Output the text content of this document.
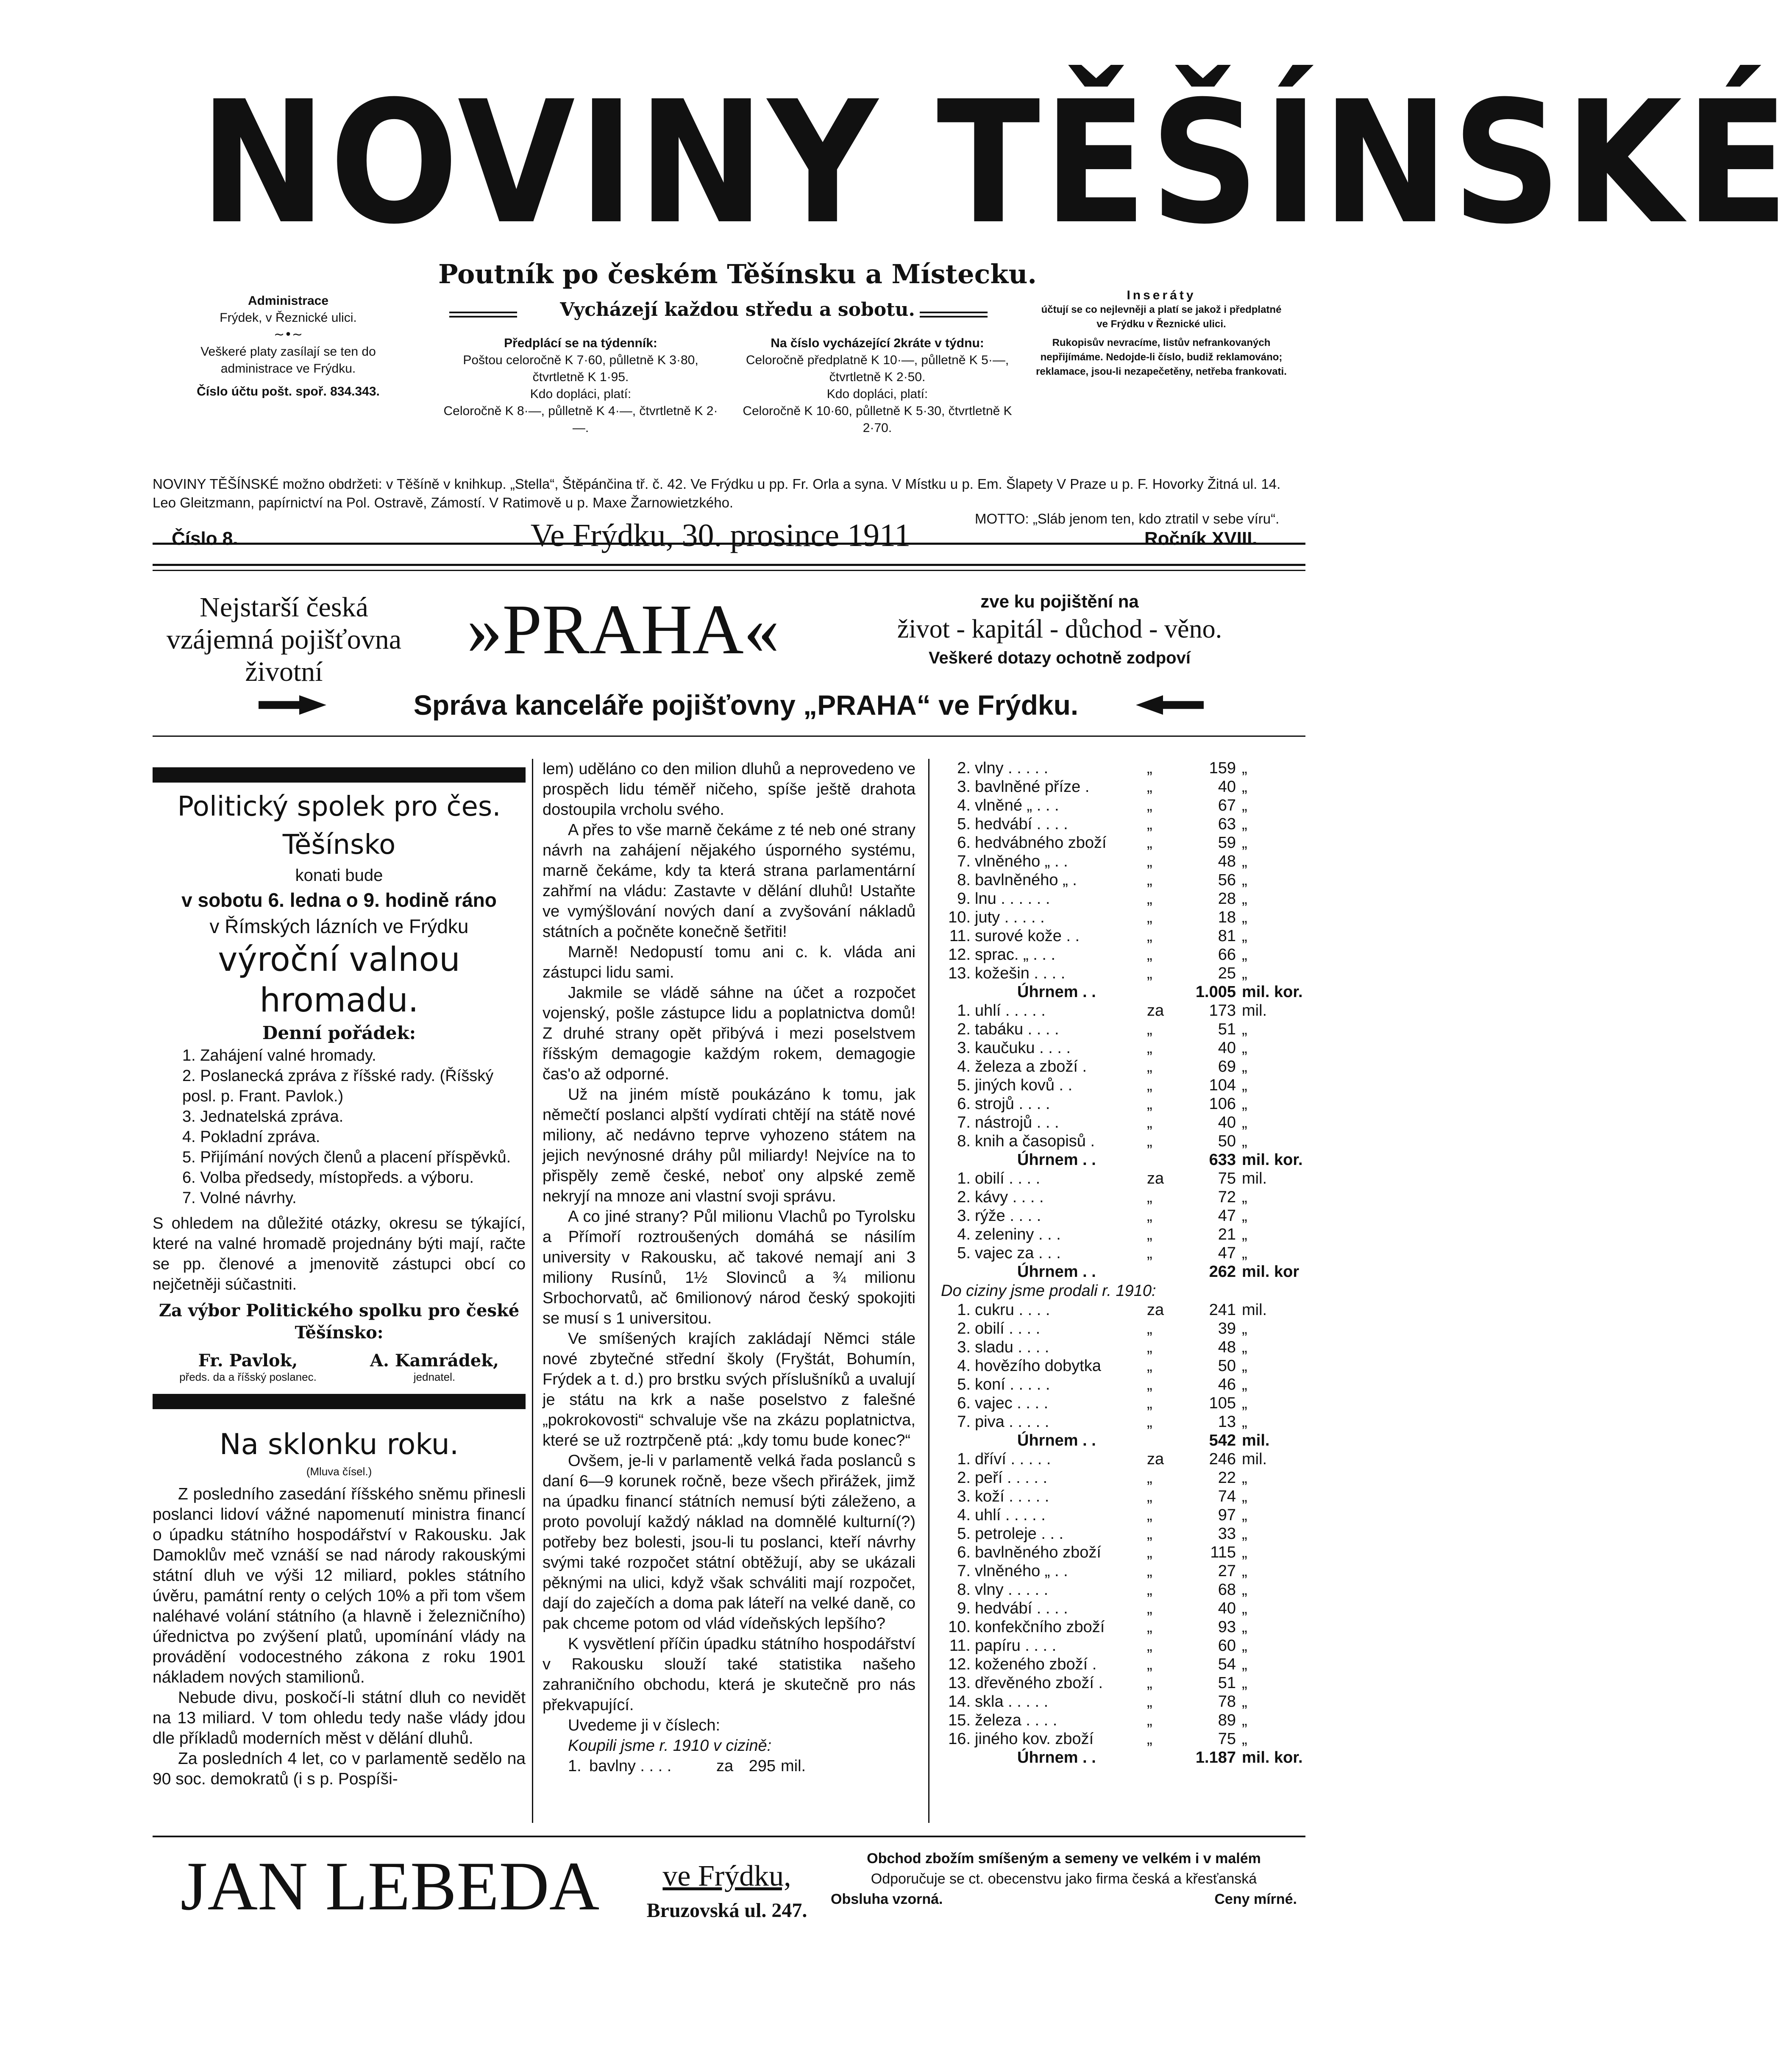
NOVINY TĚŠÍNSKÉ
Poutník po českém Těšínsku a Místecku.
Vycházejí každou středu a sobotu.
Administrace
Frýdek, v Řeznické ulici.
~•~
Veškeré platy zasílají se ten do administrace ve Frýdku.
Číslo účtu pošt. spoř. 834.343.
Inseráty
účtují se co nejlevněji a platí se jakož i předplatné ve Frýdku v Řeznické ulici.
Rukopisův nevracíme, listův nefrankovaných nepřijímáme. Nedojde-li číslo, budiž reklamováno; reklamace, jsou-li nezapečetěny, netřeba frankovati.
Předplácí se na týdenník:
Poštou celoročně K 7·60, půlletně K 3·80, čtvrtletně K 1·95.
Kdo dopláci, platí:
Celoročně K 8·—, půlletně K 4·—, čtvrtletně K 2·—.
Na číslo vycházející 2kráte v týdnu:
Celoročně předplatně K 10·—, půlletně K 5·—, čtvrtletně K 2·50.
Kdo dopláci, platí:
Celoročně K 10·60, půlletně K 5·30, čtvrtletně K 2·70.
NOVINY TĚŠÍNSKÉ možno obdržeti: v Těšíně v knihkup. „Stella“, Štěpánčina tř. č. 42. Ve Frýdku u pp. Fr. Orla a syna. V Místku u p. Em. Šlapety V Praze u p. F. Hovorky Žitná ul. 14. Leo Gleitzmann, papírnictví na Pol. Ostravě, Zámostí. V Ratimově u p. Maxe Žarnowietzkého.
MOTTO: „Sláb jenom ten, kdo ztratil v sebe víru“.
Číslo 8.	Ve Frýdku, 30. prosince 1911	Ročník XVIII.
Nejstarší česká vzájemná pojišťovna životní
»PRAHA«	zve ku pojištění na
život - kapitál - důchod - věno.
Veškeré dotazy ochotně zodpoví
Správa kanceláře pojišťovny „PRAHA“ ve Frýdku.
Politický spolek pro čes. Těšínsko
konati bude
v sobotu 6. ledna o 9. hodině ráno
v Římských lázních ve Frýdku
výroční valnou hromadu.
Denní pořádek:
1. Zahájení valné hromady.
2. Poslanecká zpráva z říšské rady. (Říšský posl. p. Frant. Pavlok.)
3. Jednatelská zpráva.
4. Pokladní zpráva.
5. Přijímání nových členů a placení příspěvků.
6. Volba předsedy, místopředs. a výboru.
7. Volné návrhy.
S ohledem na důležité otázky, okresu se týkající, které na valné hromadě projednány býti mají, račte se pp. členové a jmenovitě zástupci obcí co nejčetněji súčastniti.
Za výbor Politického spolku pro české Těšínsko:
Fr. Pavlok,
předs. da a říšský poslanec.
A. Kamrádek,
jednatel.
Na sklonku roku.
(Mluva čísel.)
Z posledního zasedání říšského sněmu přinesli poslanci lidoví vážné napomenutí ministra financí o úpadku státního hospodářství v Rakousku. Jak Damoklův meč vznáší se nad národy rakouskými státní dluh ve výši 12 miliard, pokles státního úvěru, památní renty o celých 10% a při tom všem naléhavé volání státního (a hlavně i železničního) úřednictva po zvýšení platů, upomínání vlády na provádění vodocestného zákona z roku 1901 nákladem nových stamilionů.
Nebude divu, poskočí-li státní dluh co nevidět na 13 miliard. V tom ohledu tedy naše vlády jdou dle příkladů moderních měst v dělání dluhů.
Za posledních 4 let, co v parlamentě sedělo na 90 soc. demokratů (i s p. Pospíši-
lem) uděláno co den milion dluhů a neprovedeno ve prospěch lidu téměř ničeho, spíše ještě drahota dostoupila vrcholu svého.
A přes to vše marně čekáme z té neb oné strany návrh na zahájení nějakého úsporného systému, marně čekáme, kdy ta která strana parlamentární zahřmí na vládu: Zastavte v dělání dluhů! Ustaňte ve vymýšlování nových daní a zvyšování nákladů státních a počněte konečně šetřiti!
Marně! Nedopustí tomu ani c. k. vláda ani zástupci lidu sami.
Jakmile se vládě sáhne na účet a rozpočet vojenský, pošle zástupce lidu a poplatnictva domů! Z druhé strany opět přibývá i mezi poselstvem říšským demagogie každým rokem, demagogie čas'o až odporné.
Už na jiném místě poukázáno k tomu, jak němečtí poslanci alpští vydírati chtějí na státě nové miliony, ač nedávno teprve vyhozeno státem na jejich nevýnosné dráhy půl miliardy! Nejvíce na to přispěly země české, neboť ony alpské země nekryjí na mnoze ani vlastní svoji správu.
A co jiné strany? Půl milionu Vlachů po Tyrolsku a Přímoří roztroušených domáhá se násilím university v Rakousku, ač takové nemají ani 3 miliony Rusínů, 1½ Slovinců a ¾ milionu Srbochorvatů, ač 6milionový národ český spokojiti se musí s 1 universitou.
Ve smíšených krajích zakládají Němci stále nové zbytečné střední školy (Fryštát, Bohumín, Frýdek a t. d.) pro brstku svých příslušníků a uvalují je státu na krk a naše poselstvo z falešné „pokrokovosti“ schvaluje vše na zkázu poplatnictva, které se už roztrpčeně ptá: „kdy tomu bude konec?“
Ovšem, je-li v parlamentě velká řada poslanců s daní 6—9 korunek ročně, beze všech přirážek, jimž na úpadku financí státních nemusí býti záleženo, a proto povolují každý náklad na domnělé kulturní(?) potřeby bez bolesti, jsou-li tu poslanci, kteří návrhy svými také rozpočet státní obtěžují, aby se ukázali pěknými na ulici, když však schváliti mají rozpočet, dají do zaječích a doma pak láteří na velké daně, co pak chceme potom od vlád vídeňských lepšího?
K vysvětlení příčin úpadku státního hospodářství v Rakousku slouží také statistika našeho zahraničního obchodu, která je skutečně pro nás překvapující.
Uvedeme ji v číslech:
Koupili jsme r. 1910 v cizině:
1. bavlny . . . .	za 295 mil.
2.	vlny . . . . .	„	159	„
3.	bavlněné příze .	„	40	„
4.	vlněné „ . . .	„	67	„
5.	hedvábí . . . .	„	63	„
6.	hedvábného zboží	„	59	„
7.	vlněného „ . .	„	48	„
8.	bavlněného „ .	„	56	„
9.	lnu . . . . . .	„	28	„
10.	juty . . . . .	„	18	„
11.	surové kože . .	„	81	„
12.	sprac. „ . . .	„	66	„
13.	kožešin . . . .	„	25	„
Úhrnem . .	1.005	mil. kor.
1.	uhlí . . . . .	za	173	mil.
2.	tabáku . . . .	„	51	„
3.	kaučuku . . . .	„	40	„
4.	železa a zboží .	„	69	„
5.	jiných kovů . .	„	104	„
6.	strojů . . . .	„	106	„
7.	nástrojů . . .	„	40	„
8.	knih a časopisů .	„	50	„
Úhrnem . .	633	mil. kor.
1.	obilí . . . .	za	75	mil.
2.	kávy . . . .	„	72	„
3.	rýže . . . .	„	47	„
4.	zeleniny . . .	„	21	„
5.	vajec za . . .	„	47	„
Úhrnem . .	262	mil. kor
Do ciziny jsme prodali r. 1910:
1.	cukru . . . .	za	241	mil.
2.	obilí . . . .	„	39	„
3.	sladu . . . .	„	48	„
4.	hovězího dobytka	„	50	„
5.	koní . . . . .	„	46	„
6.	vajec . . . .	„	105	„
7.	piva . . . . .	„	13	„
Úhrnem . .	542	mil.
1.	dříví . . . . .	za	246	mil.
2.	peří . . . . .	„	22	„
3.	koží . . . . .	„	74	„
4.	uhlí . . . . .	„	97	„
5.	petroleje . . .	„	33	„
6.	bavlněného zboží	„	115	„
7.	vlněného „ . .	„	27	„
8.	vlny . . . . .	„	68	„
9.	hedvábí . . . .	„	40	„
10.	konfekčního zboží	„	93	„
11.	papíru . . . .	„	60	„
12.	koženého zboží .	„	54	„
13.	dřevěného zboží .	„	51	„
14.	skla . . . . .	„	78	„
15.	železa . . . .	„	89	„
16.	jiného kov. zboží	„	75	„
Úhrnem . .	1.187	mil. kor.
JAN LEBEDA	ve Frýdku,
Bruzovská ul. 247.
Obchod zbožím smíšeným a semeny ve velkém i v malém
Odporučuje se ct. obecenstvu jako firma česká a křesťanská
Obsluha vzorná.	Ceny mírné.
